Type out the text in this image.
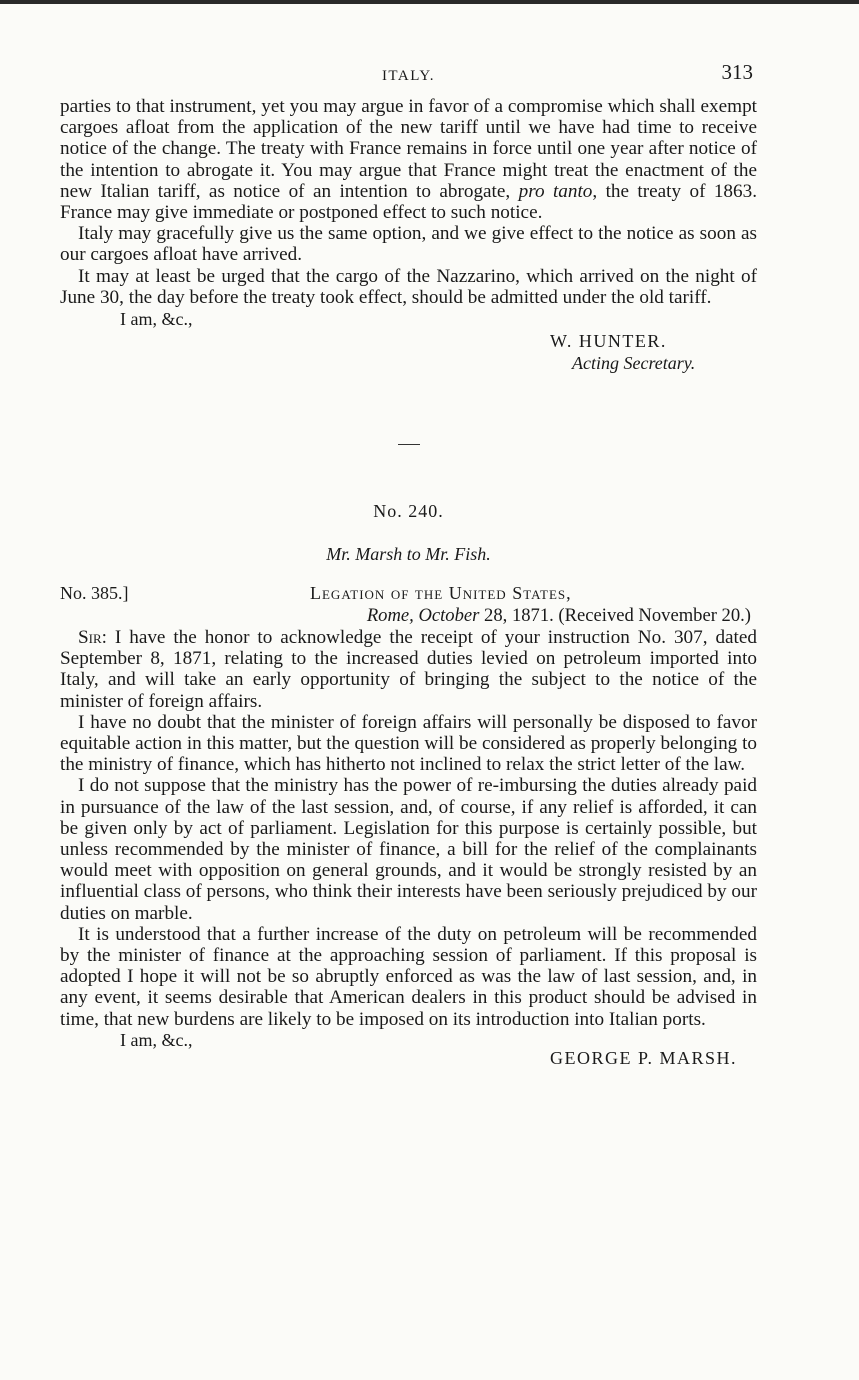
ITALY.	313

parties to that instrument, yet you may argue in favor of a compromise which shall exempt cargoes afloat from the application of the new tariff until we have had time to receive notice of the change. The treaty with France remains in force until one year after notice of the intention to abrogate it. You may argue that France might treat the enactment of the new Italian tariff, as notice of an intention to abrogate, pro tanto, the treaty of 1863. France may give immediate or postponed effect to such notice.

Italy may gracefully give us the same option, and we give effect to the notice as soon as our cargoes afloat have arrived.

It may at least be urged that the cargo of the Nazzarino, which arrived on the night of June 30, the day before the treaty took effect, should be admitted under the old tariff.

I am, &c.,
W. HUNTER.
Acting Secretary.
No. 240.
Mr. Marsh to Mr. Fish.
No. 385.]	Legation of the United States,
Rome, October 28, 1871. (Received November 20.)

Sir: I have the honor to acknowledge the receipt of your instruction No. 307, dated September 8, 1871, relating to the increased duties levied on petroleum imported into Italy, and will take an early opportunity of bringing the subject to the notice of the minister of foreign affairs.

I have no doubt that the minister of foreign affairs will personally be disposed to favor equitable action in this matter, but the question will be considered as properly belonging to the ministry of finance, which has hitherto not inclined to relax the strict letter of the law.

I do not suppose that the ministry has the power of re-imbursing the duties already paid in pursuance of the law of the last session, and, of course, if any relief is afforded, it can be given only by act of parliament. Legislation for this purpose is certainly possible, but unless recommended by the minister of finance, a bill for the relief of the complainants would meet with opposition on general grounds, and it would be strongly resisted by an influential class of persons, who think their interests have been seriously prejudiced by our duties on marble.

It is understood that a further increase of the duty on petroleum will be recommended by the minister of finance at the approaching session of parliament. If this proposal is adopted I hope it will not be so abruptly enforced as was the law of last session, and, in any event, it seems desirable that American dealers in this product should be advised in time, that new burdens are likely to be imposed on its introduction into Italian ports.

I am, &c.,
GEORGE P. MARSH.
